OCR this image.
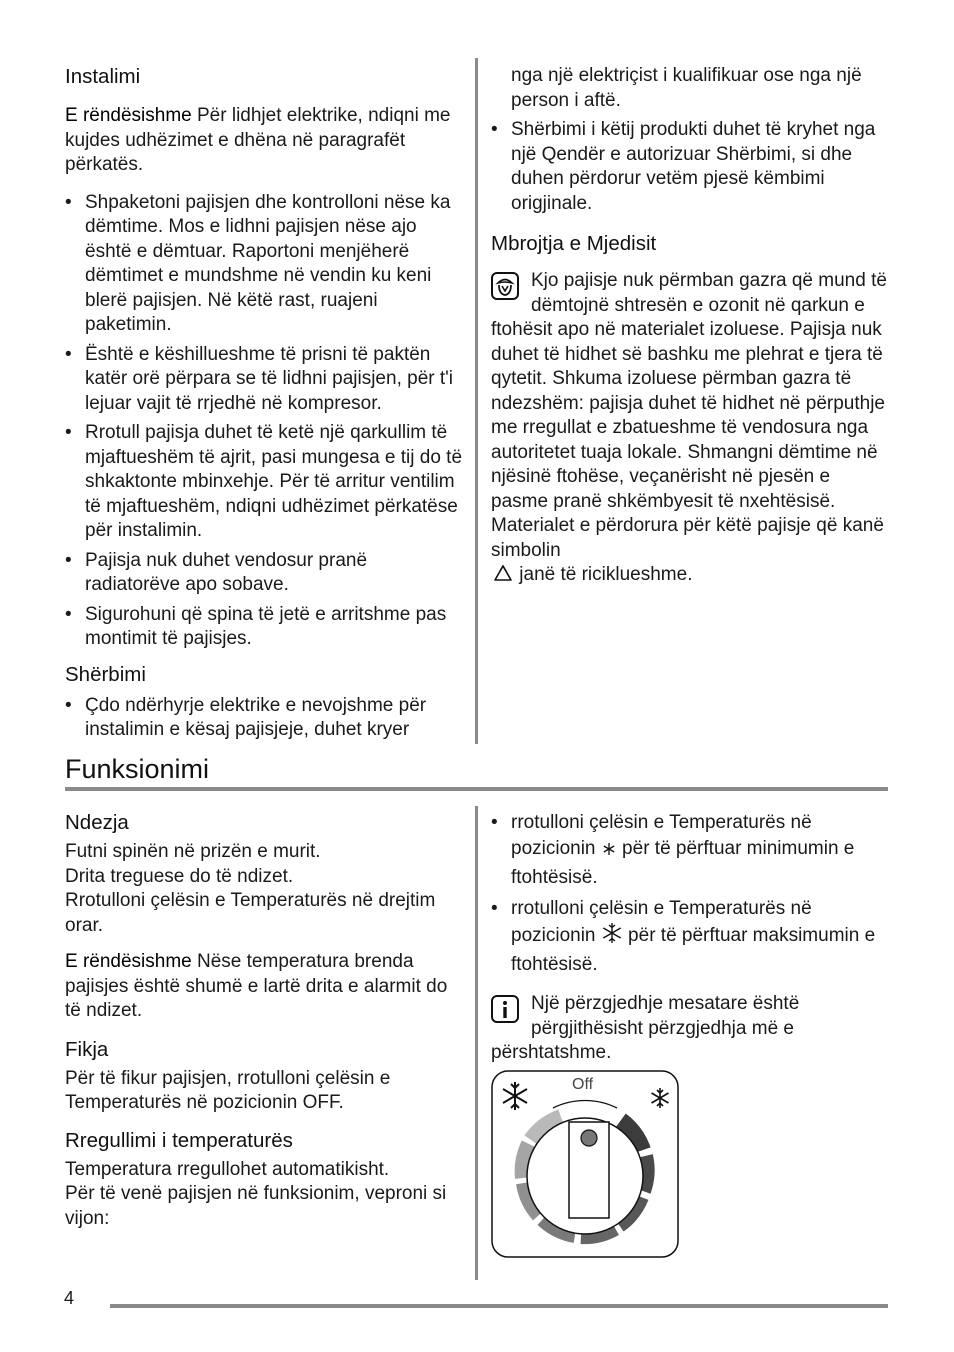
Instalimi

E rëndësishme Për lidhjet elektrike, ndiqni me kujdes udhëzimet e dhëna në paragrafët përkatës.

• Shpaketoni pajisjen dhe kontrolloni nëse ka dëmtime. Mos e lidhni pajisjen nëse ajo është e dëmtuar. Raportoni menjëherë dëmtimet e mundshme në vendin ku keni blerë pajisjen. Në këtë rast, ruajeni paketimin.
• Është e këshillueshme të prisni të paktën katër orë përpara se të lidhni pajisjen, për t'i lejuar vajit të rrjedhë në kompresor.
• Rrotull pajisja duhet të ketë një qarkullim të mjaftueshëm të ajrit, pasi mungesa e tij do të shkaktonte mbinxehje. Për të arritur ventilim të mjaftueshëm, ndiqni udhëzimet përkatëse për instalimin.
• Pajisja nuk duhet vendosur pranë radiatorëve apo sobave.
• Sigurohuni që spina të jetë e arritshme pas montimit të pajisjes.
Shërbimi
• Çdo ndërhyrje elektrike e nevojshme për instalimin e kësaj pajisjeje, duhet kryer

nga një elektriçist i kualifikuar ose nga një person i aftë.

• Shërbimi i këtij produkti duhet të kryhet nga një Qendër e autorizuar Shërbimi, si dhe duhen përdorur vetëm pjesë këmbimi origjinale.
Mbrojtja e Mjedisit

Kjo pajisje nuk përmban gazra që mund të dëmtojnë shtresën e ozonit në qarkun e ftohësit apo në materialet izoluese. Pajisja nuk duhet të hidhet së bashku me plehrat e tjera të qytetit. Shkuma izoluese përmban gazra të ndezshëm: pajisja duhet të hidhet në përputhje me rregullat e zbatueshme të vendosura nga autoritetet tuaja lokale. Shmangni dëmtime në njësinë ftohëse, veçanërisht në pjesën e pasme pranë shkëmbyesit të nxehtësisë. Materialet e përdorura për këtë pajisje që kanë simbolin
janë të riciklueshme.

Funksionimi
Ndezja

Futni spinën në prizën e murit.

Drita treguese do të ndizet.

Rrotulloni çelësin e Temperaturës në drejtim orar.

E rëndësishme Nëse temperatura brenda pajisjes është shumë e lartë drita e alarmit do të ndizet.

Fikja

Për të fikur pajisjen, rrotulloni çelësin e Temperaturës në pozicionin OFF.

Rregullimi i temperaturës

Temperatura rregullohet automatikisht.

Për të venë pajisjen në funksionim, veproni si vijon:

• rrotulloni çelësin e Temperaturës në pozicionin  për të përftuar minimumin e ftohtësisë.
• rrotulloni çelësin e Temperaturës në pozicionin  për të përftuar maksimumin e ftohtësisë.

Një përzgjedhje mesatare është përgjithësisht përzgjedhja më e përshtatshme.

Off
4
